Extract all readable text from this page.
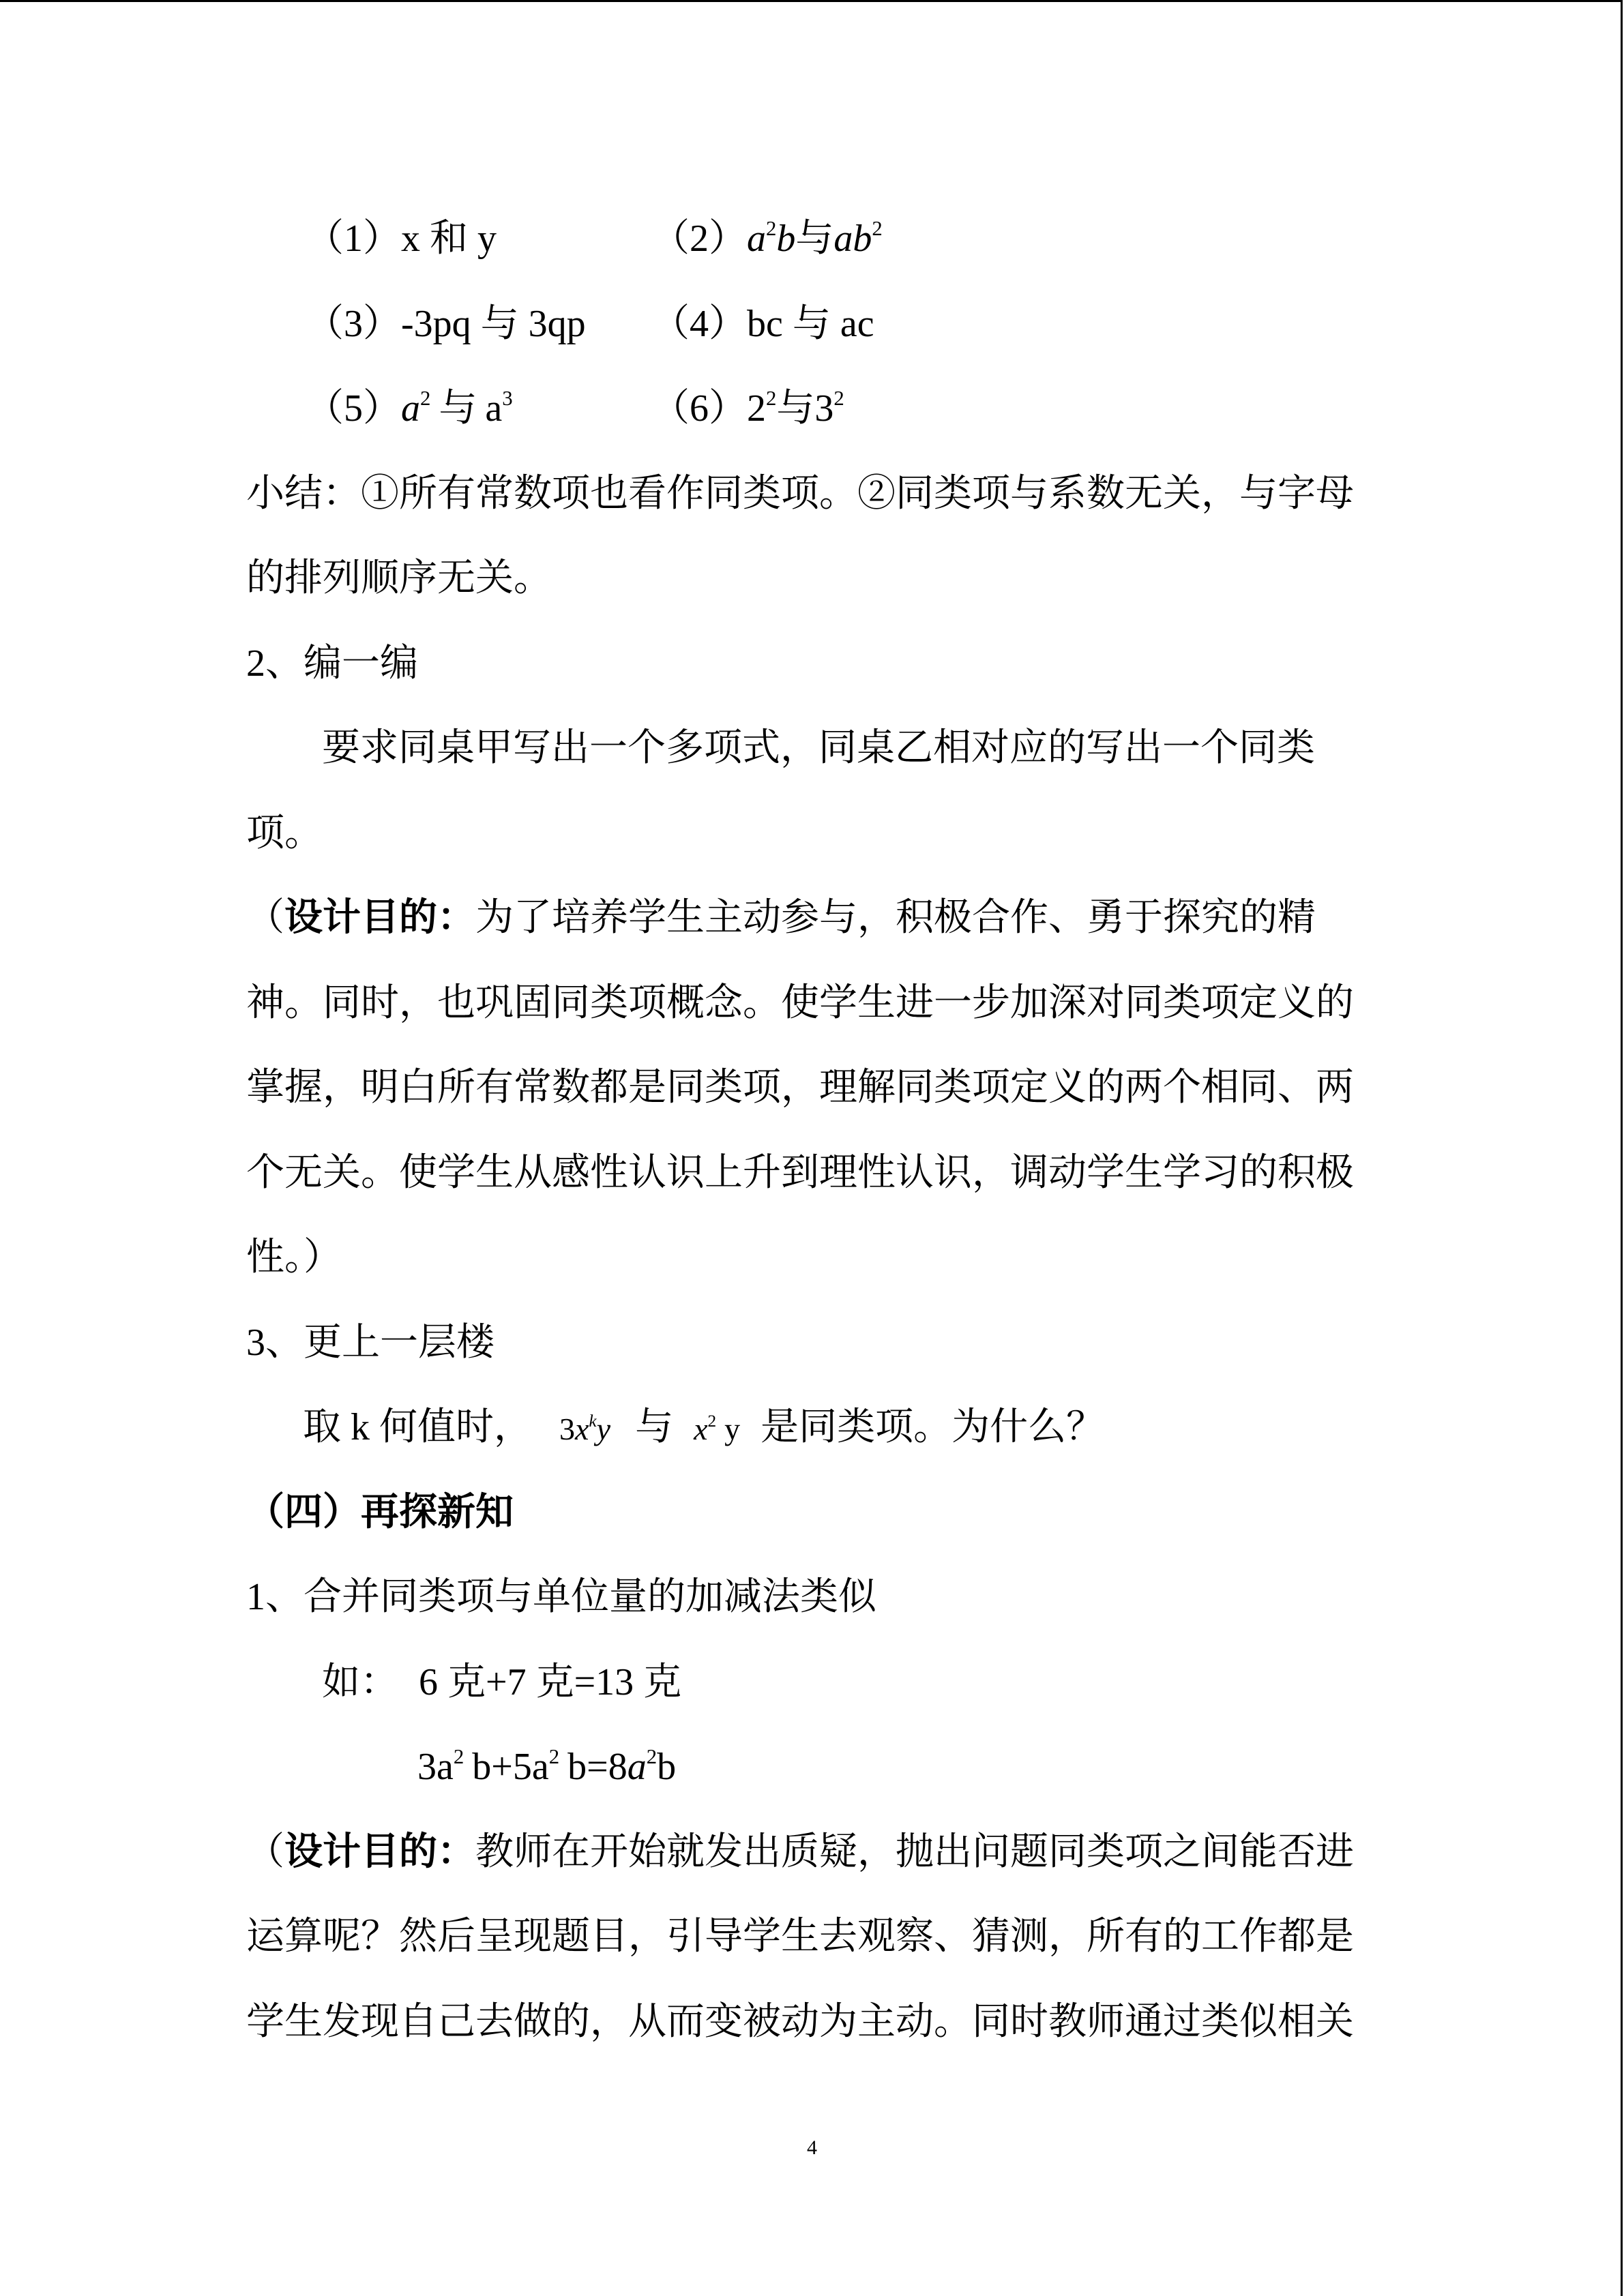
（1）x 和 y	$(2)a^2b$与$ab^2$
（3）-3pq 与 3qp （4）bc 与 ac
$(5)a^2$ 与 $a^3$	$(6)2^2$与$3^2$
小结：①所有常数项也看作同类项。②同类项与系数无关，与字母
的排列顺序无关。
2、编一编
要求同桌甲写出一个多项式，同桌乙相对应的写出一个同类
项。
（设计目的：为了培养学生主动参与，积极合作、勇于探究的精
神。同时，也巩固同类项概念。使学生进一步加深对同类项定义的
掌握，明白所有常数都是同类项，理解同类项定义的两个相同、两
个无关。使学生从感性认识上升到理性认识，调动学生学习的积极
性。）
3、更上一层楼
取 k 何值时， $3x^ky$ 与 $x^2$ y 是同类项。为什么？
（四）再探新知
1、合并同类项与单位量的加减法类似
如： 6 克+7 克=13 克
$3a^2$ $b+5a^2$ $b=8a^2b$
（设计目的：教师在开始就发出质疑，抛出问题同类项之间能否进
运算呢？然后呈现题目，引导学生去观察、猜测，所有的工作都是
学生发现自己去做的，从而变被动为主动。同时教师通过类似相关
4
